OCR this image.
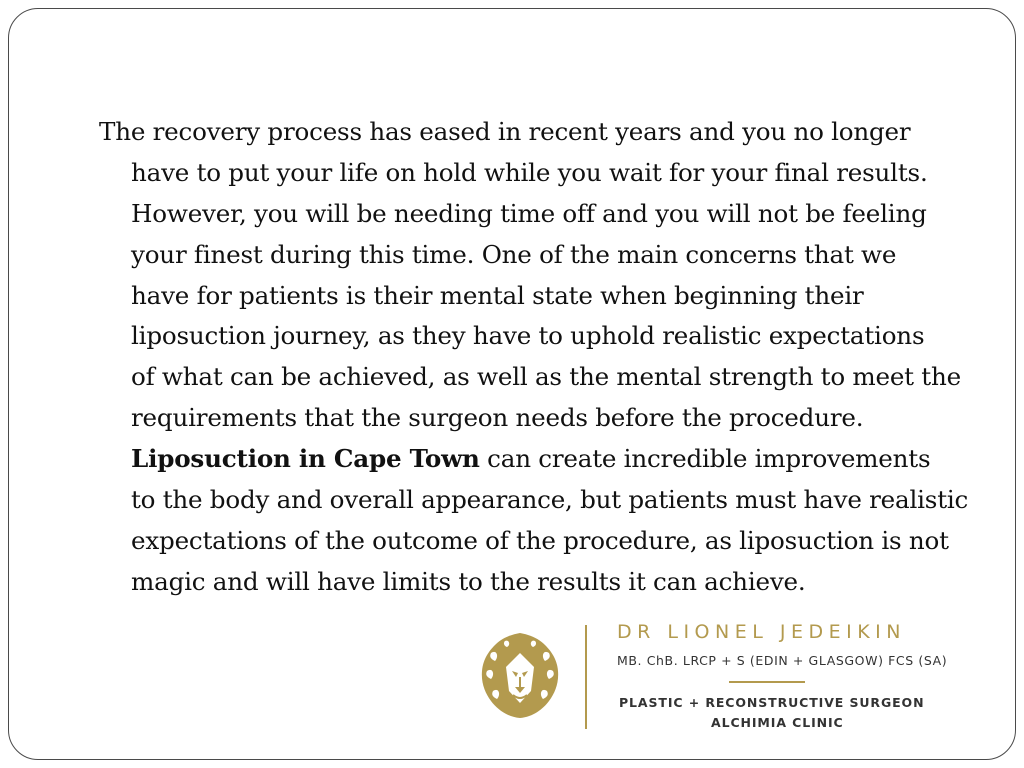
The recovery process has eased in recent years and you no longer
have to put your life on hold while you wait for your final results.
However, you will be needing time off and you will not be feeling
your finest during this time. One of the main concerns that we
have for patients is their mental state when beginning their
liposuction journey, as they have to uphold realistic expectations
of what can be achieved, as well as the mental strength to meet the
requirements that the surgeon needs before the procedure.
Liposuction in Cape Town can create incredible improvements
to the body and overall appearance, but patients must have realistic
expectations of the outcome of the procedure, as liposuction is not
magic and will have limits to the results it can achieve.
DR LIONEL JEDEIKIN
MB. ChB. LRCP + S (EDIN + GLASGOW) FCS (SA)
PLASTIC + RECONSTRUCTIVE SURGEON
ALCHIMIA CLINIC
